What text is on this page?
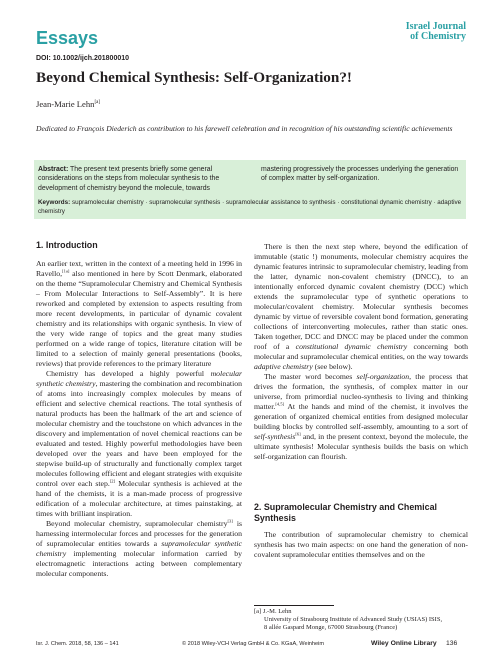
Essays
Israel Journal
of Chemistry
DOI: 10.1002/ijch.201800010
Beyond Chemical Synthesis: Self-Organization?!
Jean-Marie Lehn[a]
Dedicated to François Diederich as contribution to his farewell celebration and in recognition of his outstanding scientific achievements
Abstract: The present text presents briefly some general considerations on the steps from molecular synthesis to the development of chemistry beyond the molecule, towards
mastering progressively the processes underlying the generation of complex matter by self-organization.
Keywords: supramolecular chemistry · supramolecular synthesis · supramolecular assistance to synthesis · constitutional dynamic chemistry · adaptive chemistry
1. Introduction

An earlier text, written in the context of a meeting held in 1996 in Ravello,[1a] also mentioned in here by Scott Denmark, elaborated on the theme “Supramolecular Chemistry and Chemical Synthesis – From Molecular Interactions to Self-Assembly”. It is here reworked and completed by extension to aspects resulting from more recent developments, in particular of dynamic covalent chemistry and its relationships with organic synthesis. In view of the very wide range of topics and the great many studies performed on a wide range of topics, literature citation will be limited to a selection of mainly general presentations (books, reviews) that provide references to the primary literature

Chemistry has developed a highly powerful molecular synthetic chemistry, mastering the combination and recombination of atoms into increasingly complex molecules by means of efficient and selective chemical reactions. The total synthesis of natural products has been the hallmark of the art and science of molecular chemistry and the touchstone on which advances in the discovery and implementation of novel chemical reactions can be evaluated and tested. Highly powerful methodologies have been developed over the years and have been employed for the stepwise build-up of structurally and functionally complex target molecules following efficient and elegant strategies with exquisite control over each step.[2] Molecular synthesis is achieved at the hand of the chemists, it is a man-made process of progressive edification of a molecular architecture, at times painstaking, at times with brilliant inspiration.

Beyond molecular chemistry, supramolecular chemistry[3] is harnessing intermolecular forces and processes for the generation of supramolecular entities towards a supramolecular synthetic chemistry implementing molecular information carried by electromagnetic interactions acting between complementary molecular components.

There is then the next step where, beyond the edification of immutable (static !) monuments, molecular chemistry acquires the dynamic features intrinsic to supramolecular chemistry, leading from the latter, dynamic non-covalent chemistry (DNCC), to an intentionally enforced dynamic covalent chemistry (DCC) which extends the supramolecular type of synthetic operations to molecular/covalent chemistry. Molecular synthesis becomes dynamic by virtue of reversible covalent bond formation, generating collections of interconverting molecules, rather than static ones. Taken together, DCC and DNCC may be placed under the common roof of a constitutional dynamic chemistry concerning both molecular and supramolecular chemical entities, on the way towards adaptive chemistry (see below).

The master word becomes self-organization, the process that drives the formation, the synthesis, of complex matter in our universe, from primordial nucleo-synthesis to living and thinking matter.[4,5] At the hands and mind of the chemist, it involves the generation of organized chemical entities from designed molecular building blocks by controlled self-assembly, amounting to a sort of self-synthesis[6] and, in the present context, beyond the molecule, the ultimate synthesis! Molecular synthesis builds the basis on which self-organization can flourish.

2. Supramolecular Chemistry and Chemical
Synthesis

The contribution of supramolecular chemistry to chemical synthesis has two main aspects: on one hand the generation of non-covalent supramolecular entities themselves and on the

[a] J.-M. Lehn
University of Strasbourg Institute of Advanced Study (USIAS) ISIS,
8 allée Gaspard Monge, 67000 Strasbourg (France)
Isr. J. Chem. 2018, 58, 136 – 141	© 2018 Wiley-VCH Verlag GmbH & Co. KGaA, Weinheim	Wiley Online Library 136
